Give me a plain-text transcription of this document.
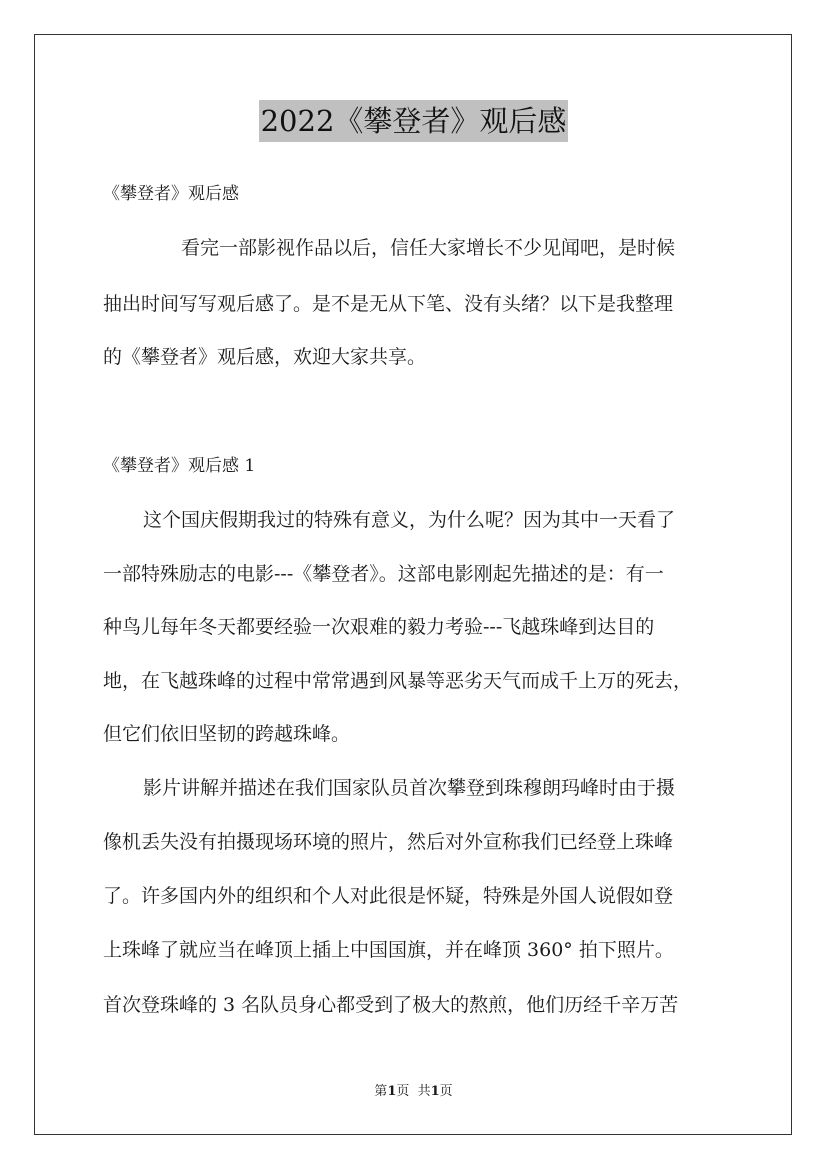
2022《攀登者》观后感
《攀登者》观后感
看完一部影视作品以后，信任大家增长不少见闻吧，是时候
抽出时间写写观后感了。是不是无从下笔、没有头绪？以下是我整理
的《攀登者》观后感，欢迎大家共享。
《攀登者》观后感 1
这个国庆假期我过的特殊有意义，为什么呢？因为其中一天看了
一部特殊励志的电影---《攀登者》。这部电影刚起先描述的是：有一
种鸟儿每年冬天都要经验一次艰难的毅力考验---飞越珠峰到达目的
地，在飞越珠峰的过程中常常遇到风暴等恶劣天气而成千上万的死去，
但它们依旧坚韧的跨越珠峰。
影片讲解并描述在我们国家队员首次攀登到珠穆朗玛峰时由于摄
像机丢失没有拍摄现场环境的照片，然后对外宣称我们已经登上珠峰
了。许多国内外的组织和个人对此很是怀疑，特殊是外国人说假如登
上珠峰了就应当在峰顶上插上中国国旗，并在峰顶 360° 拍下照片。
首次登珠峰的 3 名队员身心都受到了极大的熬煎，他们历经千辛万苦
第1页  共1页
